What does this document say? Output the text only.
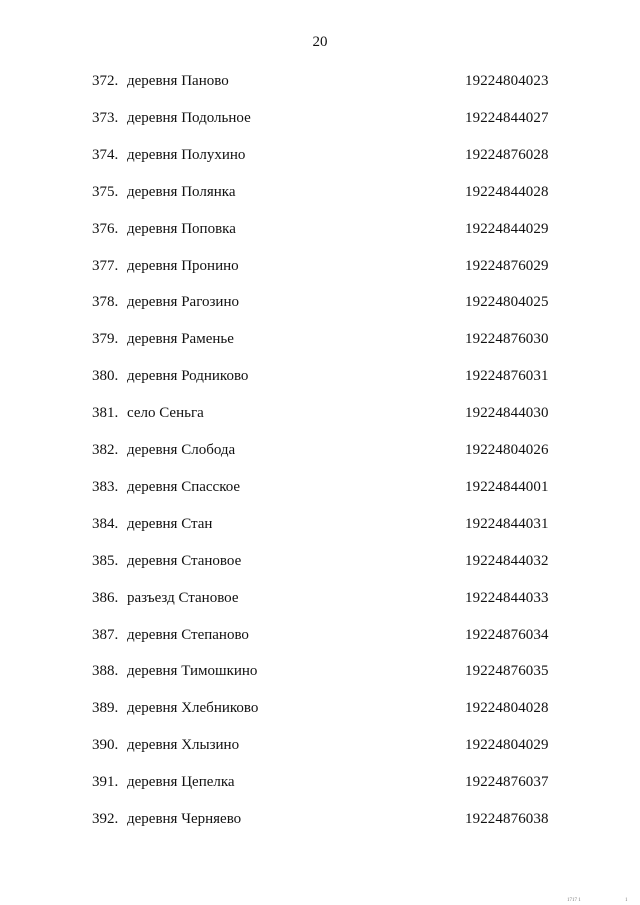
20
372. деревня Паново	19224804023
373. деревня Подольное	19224844027
374. деревня Полухино	19224876028
375. деревня Полянка	19224844028
376. деревня Поповка	19224844029
377. деревня Пронино	19224876029
378. деревня Рагозино	19224804025
379. деревня Раменье	19224876030
380. деревня Родниково	19224876031
381. село Сеньга	19224844030
382. деревня Слобода	19224804026
383. деревня Спасское	19224844001
384. деревня Стан	19224844031
385. деревня Становое	19224844032
386. разъезд Становое	19224844033
387. деревня Степаново	19224876034
388. деревня Тимошкино	19224876035
389. деревня Хлебниково	19224804028
390. деревня Хлызино	19224804029
391. деревня Цепелка	19224876037
392. деревня Черняево	19224876038
1717 1	1
